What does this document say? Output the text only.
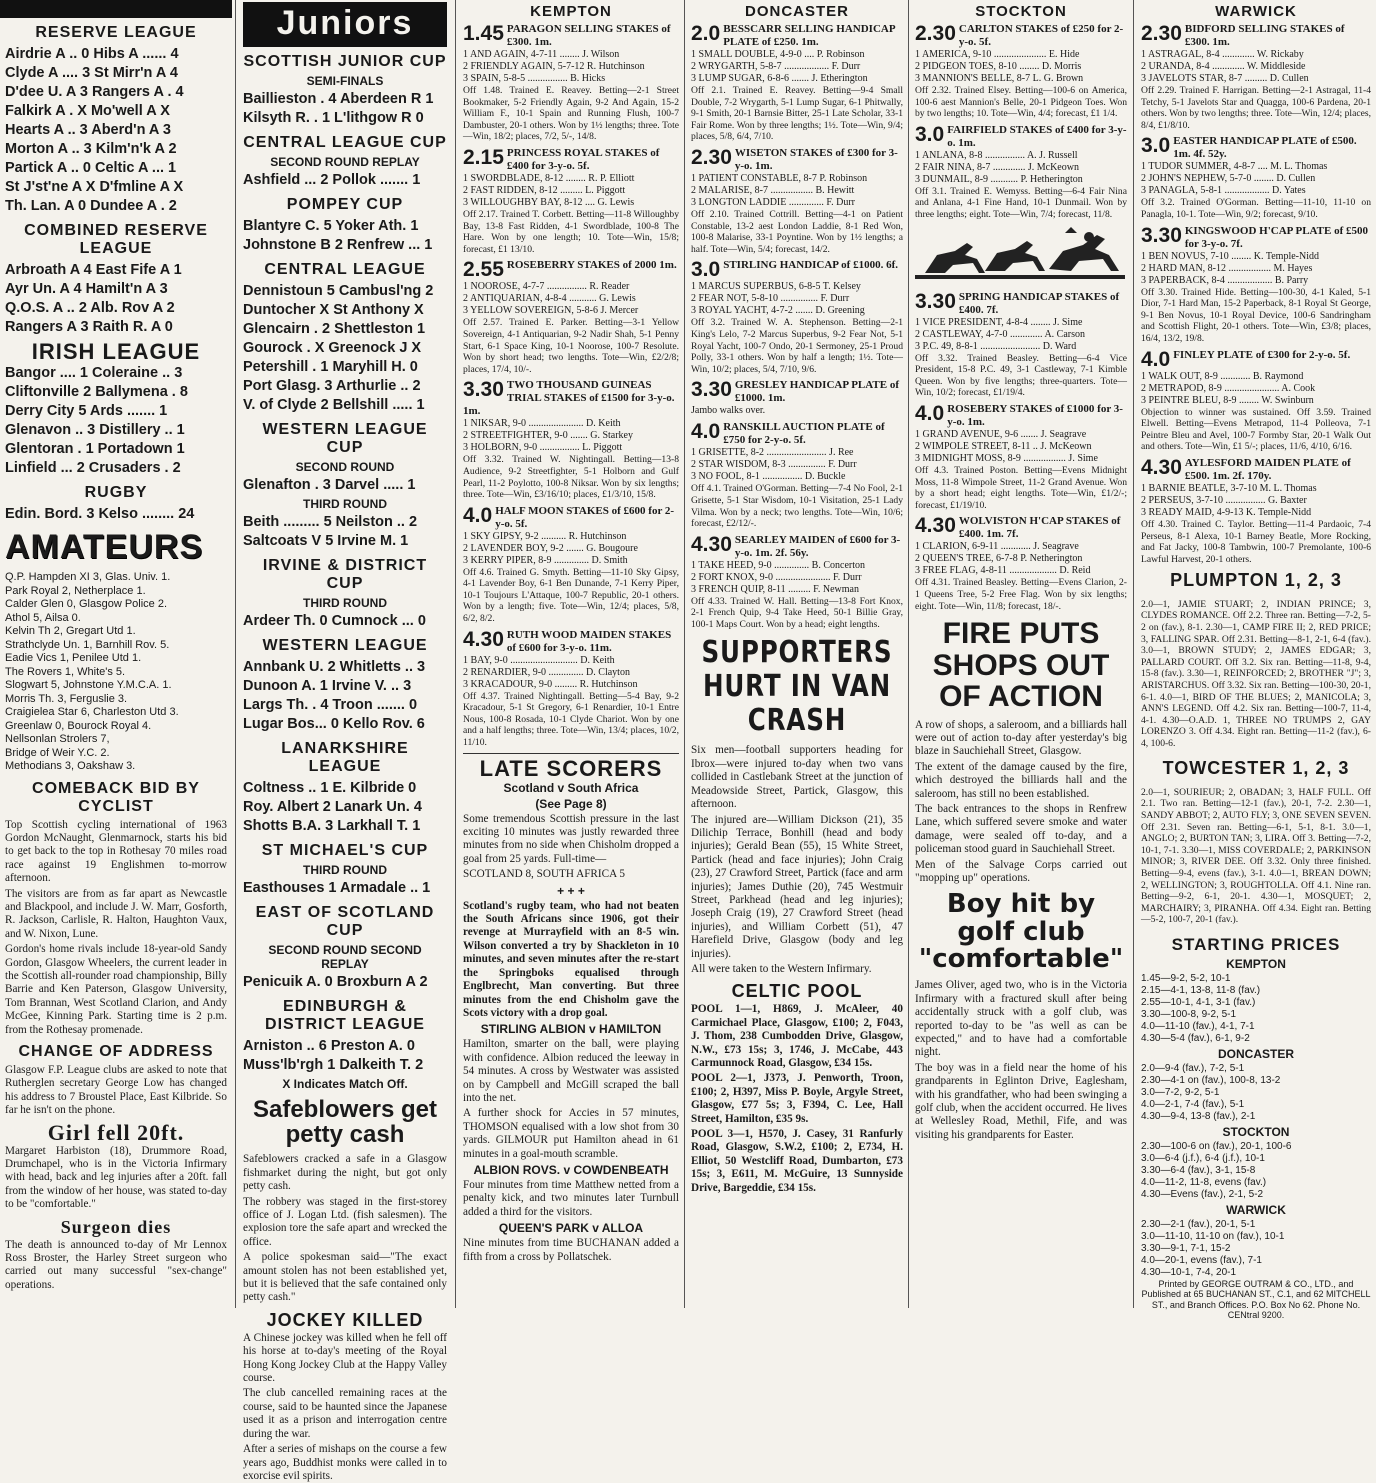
RESERVE LEAGUE
Airdrie A .. 0 Hibs A ...... 4
Clyde A .... 3 St Mirr'n A 4
D'dee U. A 3 Rangers A . 4
Falkirk A . X Mo'well A X
Hearts A .. 3 Aberd'n A 3
Morton A .. 3 Kilm'n'k A 2
Partick A .. 0 Celtic A ... 1
St J'st'ne A X D'fmline A X
Th. Lan. A 0 Dundee A . 2
COMBINED RESERVE LEAGUE
Arbroath A 4 East Fife A 1
Ayr Un. A 4 Hamilt'n A 3
Q.O.S. A .. 2 Alb. Rov A 2
Rangers A 3 Raith R. A 0
IRISH LEAGUE
Bangor .... 1 Coleraine .. 3
Cliftonville 2 Ballymena . 8
Derry City 5 Ards ....... 1
Glenavon .. 3 Distillery .. 1
Glentoran . 1 Portadown 1
Linfield ... 2 Crusaders . 2
RUGBY
Edin. Bord. 3 Kelso ........ 24
AMATEURS
Q.P. Hampden XI 3, Glas. Univ. 1.
Park Royal 2, Netherplace 1.
Calder Glen 0, Glasgow Police 2.
Athol 5, Ailsa 0.
Kelvin Th 2, Gregart Utd 1.
Strathclyde Un. 1, Barnhill Rov. 5.
Eadie Vics 1, Penilee Utd 1.
The Rovers 1, White's 5.
Slogwart 5, Johnstone Y.M.C.A. 1.
Morris Th. 3, Ferguslie 3.
Craigielea Star 6, Charleston Utd 3.
Greenlaw 0, Bourock Royal 4.
Nellsonlan Strolers 7,
Bridge of Weir Y.C. 2.
Methodians 3, Oakshaw 3.
COMEBACK BID BY CYCLIST

Top Scottish cycling international of 1963 Gordon McNaught, Glenmarnock, starts his bid to get back to the top in Rothesay 70 miles road race against 19 Englishmen to-morrow afternoon.

The visitors are from as far apart as Newcastle and Blackpool, and include J. W. Marr, Gosforth, R. Jackson, Carlisle, R. Halton, Haughton Vaux, and W. Nixon, Lune.

Gordon's home rivals include 18-year-old Sandy Gordon, Glasgow Wheelers, the current leader in the Scottish all-rounder road championship, Billy Barrie and Ken Paterson, Glasgow University, Tom Brannan, West Scotland Clarion, and Andy McGee, Kinning Park. Starting time is 2 p.m. from the Rothesay promenade.

CHANGE OF ADDRESS

Glasgow F.P. League clubs are asked to note that Rutherglen secretary George Low has changed his address to 7 Broustel Place, East Kilbride. So far he isn't on the phone.

Girl fell 20ft.

Margaret Harbiston (18), Drummore Road, Drumchapel, who is in the Victoria Infirmary with head, back and leg injuries after a 20ft. fall from the window of her house, was stated to-day to be "comfortable."

Surgeon dies

The death is announced to-day of Mr Lennox Ross Broster, the Harley Street surgeon who carried out many successful "sex-change" operations.

Juniors
SCOTTISH JUNIOR CUP
SEMI-FINALS
Baillieston . 4 Aberdeen R 1
Kilsyth R. . 1 L'lithgow R 0
CENTRAL LEAGUE CUP
SECOND ROUND REPLAY
Ashfield ... 2 Pollok ....... 1
POMPEY CUP
Blantyre C. 5 Yoker Ath. 1
Johnstone B 2 Renfrew ... 1
CENTRAL LEAGUE
Dennistoun 5 Cambusl'ng 2
Duntocher X St Anthony X
Glencairn . 2 Shettleston 1
Gourock . X Greenock J X
Petershill . 1 Maryhill H. 0
Port Glasg. 3 Arthurlie .. 2
V. of Clyde 2 Bellshill ..... 1
WESTERN LEAGUE CUP
SECOND ROUND
Glenafton . 3 Darvel ..... 1
THIRD ROUND
Beith ......... 5 Neilston .. 2
Saltcoats V 5 Irvine M. 1
IRVINE & DISTRICT CUP
THIRD ROUND
Ardeer Th. 0 Cumnock ... 0
WESTERN LEAGUE
Annbank U. 2 Whitletts .. 3
Dunoon A. 1 Irvine V. .. 3
Largs Th. . 4 Troon ....... 0
Lugar Bos... 0 Kello Rov. 6
LANARKSHIRE LEAGUE
Coltness .. 1 E. Kilbride 0
Roy. Albert 2 Lanark Un. 4
Shotts B.A. 3 Larkhall T. 1
ST MICHAEL'S CUP
THIRD ROUND
Easthouses 1 Armadale .. 1
EAST OF SCOTLAND CUP
SECOND ROUND SECOND REPLAY
Penicuik A. 0 Broxburn A 2
EDINBURGH & DISTRICT LEAGUE
Arniston .. 6 Preston A. 0
Muss'lb'rgh 1 Dalkeith T. 2
X Indicates Match Off.
Safeblowers get petty cash

Safeblowers cracked a safe in a Glasgow fishmarket during the night, but got only petty cash.

The robbery was staged in the first-storey office of J. Logan Ltd. (fish salesmen). The explosion tore the safe apart and wrecked the office.

A police spokesman said—"The exact amount stolen has not been established yet, but it is believed that the safe contained only petty cash."

JOCKEY KILLED

A Chinese jockey was killed when he fell off his horse at to-day's meeting of the Royal Hong Kong Jockey Club at the Happy Valley course.

The club cancelled remaining races at the course, said to be haunted since the Japanese used it as a prison and interrogation centre during the war.

After a series of mishaps on the course a few years ago, Buddhist monks were called in to exorcise evil spirits.

KEMPTON
1.45 PARAGON SELLING STAKES of £300. 1m.
1 AND AGAIN, 4-7-11 ........ J. Wilson
2 FRIENDLY AGAIN, 5-7-12 R. Hutchinson
3 SPAIN, 5-8-5 ................ B. Hicks
Off 1.48. Trained E. Reavey. Betting—2-1 Street Bookmaker, 5-2 Friendly Again, 9-2 And Again, 15-2 William F., 10-1 Spain and Running Flush, 100-7 Dambuster, 20-1 others. Won by 1½ lengths; three. Tote—Win, 18/2; places, 7/2, 5/-, 14/8.
2.15 PRINCESS ROYAL STAKES of £400 for 3-y-o. 5f.
1 SWORDBLADE, 8-12 ........ R. P. Elliott
2 FAST RIDDEN, 8-12 ......... L. Piggott
3 WILLOUGHBY BAY, 8-12 .... G. Lewis
Off 2.17. Trained T. Corbett. Betting—11-8 Willoughby Bay, 13-8 Fast Ridden, 4-1 Swordblade, 100-8 The Hare. Won by one length; 10. Tote—Win, 15/8; forecast, £1 13/10.
2.55 ROSEBERRY STAKES of 2000 1m.
1 NOOROSE, 4-7-7 ................ R. Reader
2 ANTIQUARIAN, 4-8-4 ........... G. Lewis
3 YELLOW SOVEREIGN, 5-8-6 J. Mercer
Off 2.57. Trained E. Parker. Betting—3-1 Yellow Sovereign, 4-1 Antiquarian, 9-2 Nadir Shah, 5-1 Penny Start, 6-1 Space King, 10-1 Noorose, 100-7 Resolute. Won by short head; two lengths. Tote—Win, £2/2/8; places, 17/4, 10/-.
3.30 TWO THOUSAND GUINEAS TRIAL STAKES of £1500 for 3-y-o. 1m.
1 NIKSAR, 9-0 ...................... D. Keith
2 STREETFIGHTER, 9-0 ....... G. Starkey
3 HOLBORN, 9-0 ................ L. Piggott
Off 3.32. Trained W. Nightingall. Betting—13-8 Audience, 9-2 Streetfighter, 5-1 Holborn and Gulf Pearl, 11-2 Poylotto, 100-8 Niksar. Won by six lengths; three. Tote—Win, £3/16/10; places, £1/3/10, 15/8.
4.0 HALF MOON STAKES of £600 for 2-y-o. 5f.
1 SKY GIPSY, 9-2 .......... R. Hutchinson
2 LAVENDER BOY, 9-2 ....... G. Bougoure
3 KERRY PIPER, 8-9 .............. D. Smith
Off 4.6. Trained G. Smyth. Betting—11-10 Sky Gipsy, 4-1 Lavender Boy, 6-1 Ben Dunande, 7-1 Kerry Piper, 10-1 Toujours L'Attaque, 100-7 Republic, 20-1 others. Won by a length; five. Tote—Win, 12/4; places, 5/8, 6/2, 8/2.
4.30 RUTH WOOD MAIDEN STAKES of £600 for 3-y-o. 11m.
1 BAY, 9-0 ........................... D. Keith
2 RENARDIER, 9-0 .............. D. Clayton
3 KRACADOUR, 9-0 ......... R. Hutchinson
Off 4.37. Trained Nightingall. Betting—5-4 Bay, 9-2 Kracadour, 5-1 St Gregory, 6-1 Renardier, 10-1 Entre Nous, 100-8 Rosada, 10-1 Clyde Chariot. Won by one and a half lengths; three. Tote—Win, 13/4; places, 10/2, 11/10.
LATE SCORERS
Scotland v South Africa
(See Page 8)

Some tremendous Scottish pressure in the last exciting 10 minutes was justly rewarded three minutes from no side when Chisholm dropped a goal from 25 yards. Full-time—

SCOTLAND 8, SOUTH AFRICA 5
+ + +

Scotland's rugby team, who had not beaten the South Africans since 1906, got their revenge at Murrayfield with an 8-5 win. Wilson converted a try by Shackleton in 10 minutes, and seven minutes after the re-start the Springboks equalised through Englbrecht, Man converting. But three minutes from the end Chisholm gave the Scots victory with a drop goal.

STIRLING ALBION v HAMILTON

Hamilton, smarter on the ball, were playing with confidence. Albion reduced the leeway in 54 minutes. A cross by Westwater was assisted on by Campbell and McGill scraped the ball into the net.

A further shock for Accies in 57 minutes, THOMSON equalised with a low shot from 30 yards. GILMOUR put Hamilton ahead in 61 minutes in a goal-mouth scramble.

ALBION ROVS. v COWDENBEATH

Four minutes from time Matthew netted from a penalty kick, and two minutes later Turnbull added a third for the visitors.

QUEEN'S PARK v ALLOA

Nine minutes from time BUCHANAN added a fifth from a cross by Pollatschek.

DONCASTER
2.0 BESSCARR SELLING HANDICAP PLATE of £250. 1m.
1 SMALL DOUBLE, 4-9-0 .... P. Robinson
2 WRYGARTH, 5-8-7 .................. F. Durr
3 LUMP SUGAR, 6-8-6 ....... J. Etherington
Off 2.1. Trained E. Reavey. Betting—9-4 Small Double, 7-2 Wrygarth, 5-1 Lump Sugar, 6-1 Phitwally, 9-1 Smith, 20-1 Barnsie Bitter, 25-1 Late Scholar, 33-1 Fair Rome. Won by three lengths; 1½. Tote—Win, 9/4; places, 5/8, 6/4, 7/10.
2.30 WISETON STAKES of £300 for 3-y-o. 1m.
1 PATIENT CONSTABLE, 8-7 P. Robinson
2 MALARISE, 8-7 ................. B. Hewitt
3 LONGTON LADDIE .............. F. Durr
Off 2.10. Trained Cottrill. Betting—4-1 on Patient Constable, 13-2 aest London Laddie, 8-1 Red Won, 100-8 Malarise, 33-1 Poyntine. Won by 1½ lengths; a half. Tote—Win, 5/4; forecast, 14/2.
3.0 STIRLING HANDICAP of £1000. 6f.
1 MARCUS SUPERBUS, 6-8-5 T. Kelsey
2 FEAR NOT, 5-8-10 ............... F. Durr
3 ROYAL YACHT, 4-7-2 ....... D. Greening
Off 3.2. Trained W. A. Stephenson. Betting—2-1 King's Lelo, 7-2 Marcus Superbus, 9-2 Fear Not, 5-1 Royal Yacht, 100-7 Ondo, 20-1 Sermoney, 25-1 Proud Polly, 33-1 others. Won by half a length; 1½. Tote—Win, 10/2; places, 5/4, 7/10, 9/6.
3.30 GRESLEY HANDICAP PLATE of £1000. 1m.
Jambo walks over.
4.0 RANSKILL AUCTION PLATE of £750 for 2-y-o. 5f.
1 GRISETTE, 8-2 ........................ J. Ree
2 STAR WISDOM, 8-3 ............... F. Durr
3 NO FOOL, 8-1 ................ D. Buckle
Off 4.1. Trained O'Gorman. Betting—7-4 No Fool, 2-1 Grisette, 5-1 Star Wisdom, 10-1 Visitation, 25-1 Lady Vilma. Won by a neck; two lengths. Tote—Win, 10/6; forecast, £2/12/-.
4.30 SEARLEY MAIDEN of £600 for 3-y-o. 1m. 2f. 56y.
1 TAKE HEED, 9-0 .............. B. Concerton
2 FORT KNOX, 9-0 ...................... F. Durr
3 FRENCH QUIP, 8-11 ......... F. Newman
Off 4.33. Trained W. Hall. Betting—13-8 Fort Knox, 2-1 French Quip, 9-4 Take Heed, 50-1 Billie Gray, 100-1 Maps Court. Won by a head; eight lengths.
SUPPORTERS HURT IN VAN CRASH

Six men—football supporters heading for Ibrox—were injured to-day when two vans collided in Castlebank Street at the junction of Meadowside Street, Partick, Glasgow, this afternoon.

The injured are—William Dickson (21), 35 Dilichip Terrace, Bonhill (head and body injuries); Gerald Bean (55), 15 White Street, Partick (head and face injuries); John Craig (23), 27 Crawford Street, Partick (face and arm injuries); James Duthie (20), 745 Westmuir Street, Parkhead (head and leg injuries); Joseph Craig (19), 27 Crawford Street (head injuries), and William Corbett (51), 47 Harefield Drive, Glasgow (body and leg injuries).

All were taken to the Western Infirmary.

CELTIC POOL

POOL 1—1, H869, J. McAleer, 40 Carmichael Place, Glasgow, £100; 2, F043, J. Thom, 238 Cumbodden Drive, Glasgow, N.W., £73 15s; 3, 1746, J. McCabe, 443 Carmunnock Road, Glasgow, £34 15s.

POOL 2—1, J373, J. Penworth, Troon, £100; 2, H397, Miss P. Boyle, Argyle Street, Glasgow, £77 5s; 3, F394, C. Lee, Hall Street, Hamilton, £35 9s.

POOL 3—1, H570, J. Casey, 31 Ranfurly Road, Glasgow, S.W.2, £100; 2, E734, H. Elliot, 50 Westcliff Road, Dumbarton, £73 15s; 3, E611, M. McGuire, 13 Sunnyside Drive, Bargeddie, £34 15s.

STOCKTON
2.30 CARLTON STAKES of £250 for 2-y-o. 5f.
1 AMERICA, 9-10 ..................... E. Hide
2 PIDGEON TOES, 8-10 ........ D. Morris
3 MANNION'S BELLE, 8-7 L. G. Brown
Off 2.32. Trained Elsey. Betting—100-6 on America, 100-6 aest Mannion's Belle, 20-1 Pidgeon Toes. Won by two lengths; 10. Tote—Win, 4/4; forecast, £1 1/4.
3.0 FAIRFIELD STAKES of £400 for 3-y-o. 1m.
1 ANLANA, 8-8 ................ A. J. Russell
2 FAIR NINA, 8-7 ............. J. McKeown
3 DUNMAIL, 8-9 ........... P. Hetherington
Off 3.1. Trained E. Wemyss. Betting—6-4 Fair Nina and Anlana, 4-1 Fine Hand, 10-1 Dunmail. Won by three lengths; eight. Tote—Win, 7/4; forecast, 11/8.
3.30 SPRING HANDICAP STAKES of £400. 7f.
1 VICE PRESIDENT, 4-8-4 ........ J. Sime
2 CASTLEWAY, 4-7-0 ............. A. Carson
3 P.C. 49, 8-8-1 ........................ D. Ward
Off 3.32. Trained Beasley. Betting—6-4 Vice President, 15-8 P.C. 49, 3-1 Castleway, 7-1 Kimble Queen. Won by five lengths; three-quarters. Tote—Win, 10/2; forecast, £1/19/4.
4.0 ROSEBERY STAKES of £1000 for 3-y-o. 1m.
1 GRAND AVENUE, 9-6 ....... J. Seagrave
2 WIMPOLE STREET, 8-11 .. J. McKeown
3 MIDNIGHT MOSS, 8-9 ................. J. Sime
Off 4.3. Trained Poston. Betting—Evens Midnight Moss, 11-8 Wimpole Street, 11-2 Grand Avenue. Won by a short head; eight lengths. Tote—Win, £1/2/-; forecast, £1/19/10.
4.30 WOLVISTON H'CAP STAKES of £400. 1m. 7f.
1 CLARION, 6-9-11 ............ J. Seagrave
2 QUEEN'S TREE, 6-7-8 P. Netherington
3 FREE FLAG, 4-8-11 ................... D. Reid
Off 4.31. Trained Beasley. Betting—Evens Clarion, 2-1 Queens Tree, 5-2 Free Flag. Won by six lengths; eight. Tote—Win, 11/8; forecast, 18/-.
FIRE PUTS SHOPS OUT OF ACTION

A row of shops, a saleroom, and a billiards hall were out of action to-day after yesterday's big blaze in Sauchiehall Street, Glasgow.

The extent of the damage caused by the fire, which destroyed the billiards hall and the saleroom, has still no been established.

The back entrances to the shops in Renfrew Lane, which suffered severe smoke and water damage, were sealed off to-day, and a policeman stood guard in Sauchiehall Street.

Men of the Salvage Corps carried out "mopping up" operations.

Boy hit by golf club "comfortable"

James Oliver, aged two, who is in the Victoria Infirmary with a fractured skull after being accidentally struck with a golf club, was reported to-day to be "as well as can be expected," and to have had a comfortable night.

The boy was in a field near the home of his grandparents in Eglinton Drive, Eaglesham, with his grandfather, who had been swinging a golf club, when the accident occurred. He lives at Wellesley Road, Methil, Fife, and was visiting his grandparents for Easter.

WARWICK
2.30 BIDFORD SELLING STAKES of £300. 1m.
1 ASTRAGAL, 8-4 ............. W. Rickaby
2 URANDA, 8-4 ............. W. Middleside
3 JAVELOTS STAR, 8-7 ......... D. Cullen
Off 2.29. Trained F. Harrigan. Betting—2-1 Astragal, 11-4 Tetchy, 5-1 Javelots Star and Quagga, 100-6 Pardena, 20-1 others. Won by two lengths; three. Tote—Win, 12/4; places, 8/4, £1/8/10.
3.0 EASTER HANDICAP PLATE of £500. 1m. 4f. 52y.
1 TUDOR SUMMER, 4-8-7 .... M. L. Thomas
2 JOHN'S NEPHEW, 5-7-0 ........ D. Cullen
3 PANAGLA, 5-8-1 .................. D. Yates
Off 3.2. Trained O'Gorman. Betting—11-10, 11-10 on Panagla, 10-1. Tote—Win, 9/2; forecast, 9/10.
3.30 KINGSWOOD H'CAP PLATE of £500 for 3-y-o. 7f.
1 BEN NOVUS, 7-10 ........ K. Temple-Nidd
2 HARD MAN, 8-12 ................. M. Hayes
3 PAPERBACK, 8-4 .................. B. Parry
Off 3.30. Trained Hide. Betting—100-30, 4-1 Kaled, 5-1 Dior, 7-1 Hard Man, 15-2 Paperback, 8-1 Royal St George, 9-1 Ben Novus, 10-1 Royal Device, 100-6 Sandringham and Scottish Flight, 20-1 others. Tote—Win, £3/8; places, 16/4, 13/2, 19/8.
4.0 FINLEY PLATE of £300 for 2-y-o. 5f.
1 WALK OUT, 8-9 ............ B. Raymond
2 METRAPOD, 8-9 ...................... A. Cook
3 PEINTRE BLEU, 8-9 ........ W. Swinburn
Objection to winner was sustained. Off 3.59. Trained Elwell. Betting—Evens Metrapod, 11-4 Polleova, 7-1 Peintre Bleu and Avel, 100-7 Formby Star, 20-1 Walk Out and others. Tote—Win, £1 5/-; places, 11/6, 4/10, 6/16.
4.30 AYLESFORD MAIDEN PLATE of £500. 1m. 2f. 170y.
1 BARNIE BEATLE, 3-7-10 M. L. Thomas
2 PERSEUS, 3-7-10 ................ G. Baxter
3 READY MAID, 4-9-13 K. Temple-Nidd
Off 4.30. Trained C. Taylor. Betting—11-4 Pardaoic, 7-4 Perseus, 8-1 Alexa, 10-1 Barney Beatle, More Rocking, and Fat Jacky, 100-8 Tambwin, 100-7 Premolante, 100-6 Lawful Harvest, 20-1 others.
PLUMPTON 1, 2, 3

2.0—1, JAMIE STUART; 2, INDIAN PRINCE; 3, CLYDES ROMANCE. Off 2.2. Three ran. Betting—7-2, 5-2 on (fav.), 8-1. 2.30—1, CAMP FIRE II; 2, RED PRICE; 3, FALLING SPAR. Off 2.31. Betting—8-1, 2-1, 6-4 (fav.). 3.0—1, BROWN STUDY; 2, JAMES EDGAR; 3, PALLARD COURT. Off 3.2. Six ran. Betting—11-8, 9-4, 15-8 (fav.). 3.30—1, REINFORCED; 2, BROTHER "J"; 3, ARISTARCHUS. Off 3.32. Six ran. Betting—100-30, 20-1, 6-1. 4.0—1, BIRD OF THE BLUES; 2, MANICOLA; 3, ANN'S LEGEND. Off 4.2. Six ran. Betting—100-7, 11-4, 4-1. 4.30—O.A.D. 1, THREE NO TRUMPS 2, GAY LORENZO 3. Off 4.34. Eight ran. Betting—11-2 (fav.), 6-4, 100-6.

TOWCESTER 1, 2, 3

2.0—1, SOURIEUR; 2, OBADAN; 3, HALF FULL. Off 2.1. Two ran. Betting—12-1 (fav.), 20-1, 7-2. 2.30—1, SANDY ABBOT; 2, AUTO FLY; 3, ONE SEVEN SEVEN. Off 2.31. Seven ran. Betting—6-1, 5-1, 8-1. 3.0—1, ANGLO; 2, BURTON TAN; 3, LIRA. Off 3. Betting—7-2, 10-1, 7-1. 3.30—1, MISS COVERDALE; 2, PARKINSON MINOR; 3, RIVER DEE. Off 3.32. Only three finished. Betting—9-4, evens (fav.), 3-1. 4.0—1, BREAN DOWN; 2, WELLINGTON; 3, ROUGHTOLLA. Off 4.1. Nine ran. Betting—9-2, 6-1, 20-1. 4.30—1, MOSQUET; 2, MARCHAIRY; 3, PIRANHA. Off 4.34. Eight ran. Betting—5-2, 100-7, 20-1 (fav.).

STARTING PRICES
KEMPTON
1.45—9-2, 5-2, 10-1
2.15—4-1, 13-8, 11-8 (fav.)
2.55—10-1, 4-1, 3-1 (fav.)
3.30—100-8, 9-2, 5-1
4.0—11-10 (fav.), 4-1, 7-1
4.30—5-4 (fav.), 6-1, 9-2
DONCASTER
2.0—9-4 (fav.), 7-2, 5-1
2.30—4-1 on (fav.), 100-8, 13-2
3.0—7-2, 9-2, 5-1
4.0—2-1, 7-4 (fav.), 5-1
4.30—9-4, 13-8 (fav.), 2-1
STOCKTON
2.30—100-6 on (fav.), 20-1, 100-6
3.0—6-4 (j.f.), 6-4 (j.f.), 10-1
3.30—6-4 (fav.), 3-1, 15-8
4.0—11-2, 11-8, evens (fav.)
4.30—Evens (fav.), 2-1, 5-2
WARWICK
2.30—2-1 (fav.), 20-1, 5-1
3.0—11-10, 11-10 on (fav.), 10-1
3.30—9-1, 7-1, 15-2
4.0—20-1, evens (fav.), 7-1
4.30—10-1, 7-4, 20-1
Printed by GEORGE OUTRAM & CO., LTD., and Published at 65 BUCHANAN ST., C.1, and 62 MITCHELL ST., and Branch Offices. P.O. Box No 62. Phone No. CENtral 9200.
